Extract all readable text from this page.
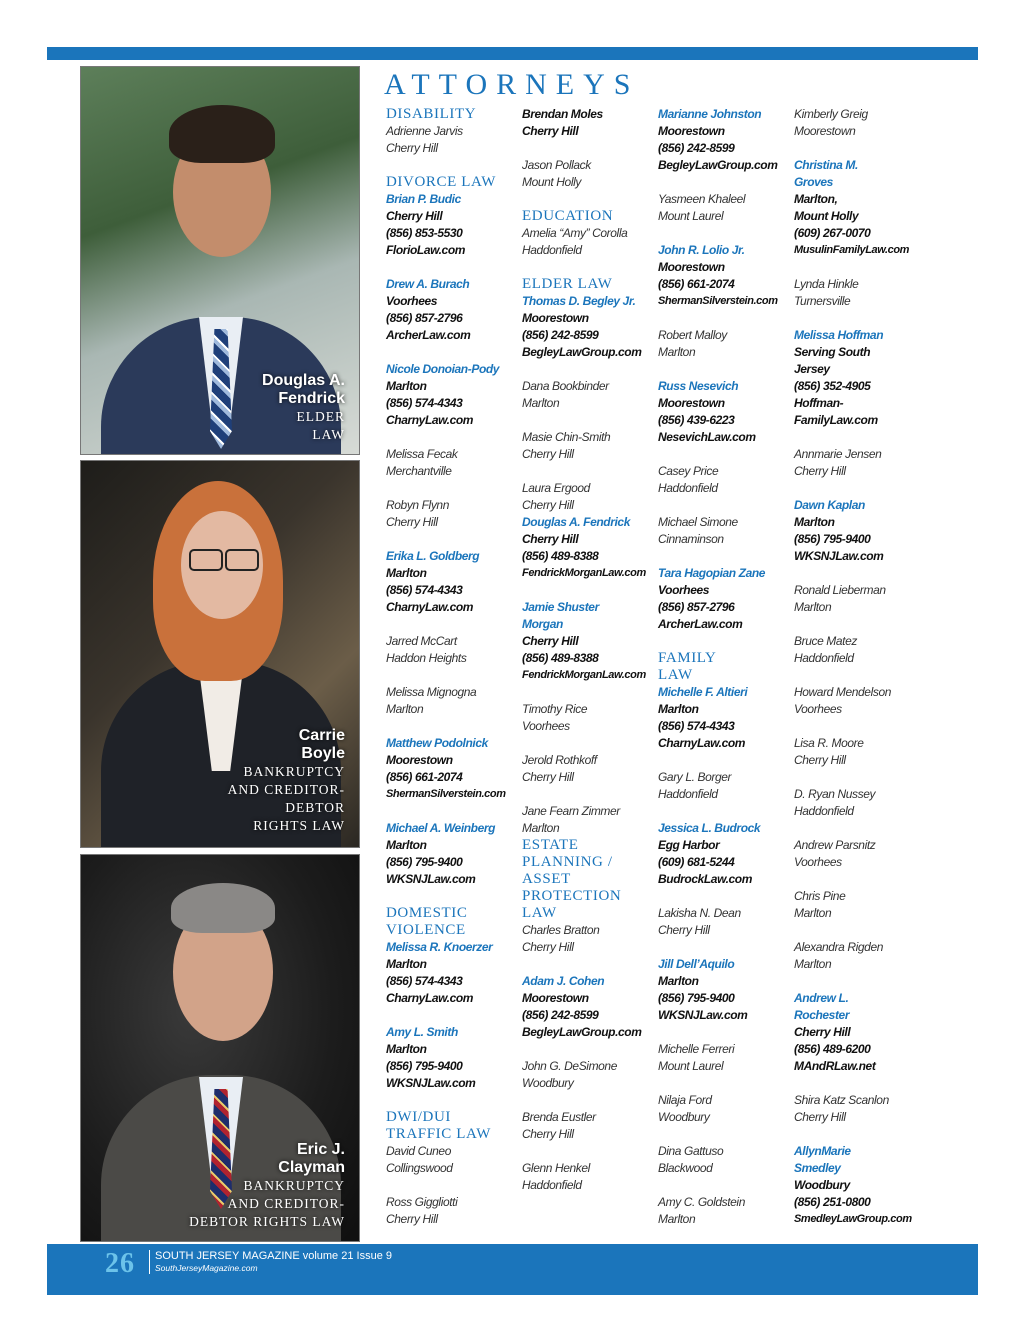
Douglas A.
Fendrick
ELDER
LAW
Carrie
Boyle
BANKRUPTCY
AND CREDITOR-
DEBTOR
RIGHTS LAW
Eric J.
Clayman
BANKRUPTCY
AND CREDITOR-
DEBTOR RIGHTS LAW
ATTORNEYS
DISABILITY
Adrienne Jarvis
Cherry Hill
DIVORCE LAW
Brian P. Budic
Cherry Hill
(856) 853-5530
FlorioLaw.com
Drew A. Burach
Voorhees
(856) 857-2796
ArcherLaw.com
Nicole Donoian-Pody
Marlton
(856) 574-4343
CharnyLaw.com
Melissa Fecak
Merchantville
Robyn Flynn
Cherry Hill
Erika L. Goldberg
Marlton
(856) 574-4343
CharnyLaw.com
Jarred McCart
Haddon Heights
Melissa Mignogna
Marlton
Matthew Podolnick
Moorestown
(856) 661-2074
ShermanSilverstein.com
Michael A. Weinberg
Marlton
(856) 795-9400
WKSNJLaw.com
DOMESTIC
VIOLENCE
Melissa R. Knoerzer
Marlton
(856) 574-4343
CharnyLaw.com
Amy L. Smith
Marlton
(856) 795-9400
WKSNJLaw.com
DWI/DUI
TRAFFIC LAW
David Cuneo
Collingswood
Ross Giggliotti
Cherry Hill
Brendan Moles
Cherry Hill
Jason Pollack
Mount Holly
EDUCATION
Amelia “Amy” Corolla
Haddonfield
ELDER LAW
Thomas D. Begley Jr.
Moorestown
(856) 242-8599
BegleyLawGroup.com
Dana Bookbinder
Marlton
Masie Chin-Smith
Cherry Hill
Laura Ergood
Cherry Hill
Douglas A. Fendrick
Cherry Hill
(856) 489-8388
FendrickMorganLaw.com
Jamie Shuster
Morgan
Cherry Hill
(856) 489-8388
FendrickMorganLaw.com
Timothy Rice
Voorhees
Jerold Rothkoff
Cherry Hill
Jane Fearn Zimmer
Marlton
ESTATE
PLANNING /
ASSET
PROTECTION
LAW
Charles Bratton
Cherry Hill
Adam J. Cohen
Moorestown
(856) 242-8599
BegleyLawGroup.com
John G. DeSimone
Woodbury
Brenda Eustler
Cherry Hill
Glenn Henkel
Haddonfield
Marianne Johnston
Moorestown
(856) 242-8599
BegleyLawGroup.com
Yasmeen Khaleel
Mount Laurel
John R. Lolio Jr.
Moorestown
(856) 661-2074
ShermanSilverstein.com
Robert Malloy
Marlton
Russ Nesevich
Moorestown
(856) 439-6223
NesevichLaw.com
Casey Price
Haddonfield
Michael Simone
Cinnaminson
Tara Hagopian Zane
Voorhees
(856) 857-2796
ArcherLaw.com
FAMILY
LAW
Michelle F. Altieri
Marlton
(856) 574-4343
CharnyLaw.com
Gary L. Borger
Haddonfield
Jessica L. Budrock
Egg Harbor
(609) 681-5244
BudrockLaw.com
Lakisha N. Dean
Cherry Hill
Jill Dell’Aquilo
Marlton
(856) 795-9400
WKSNJLaw.com
Michelle Ferreri
Mount Laurel
Nilaja Ford
Woodbury
Dina Gattuso
Blackwood
Amy C. Goldstein
Marlton
Kimberly Greig
Moorestown
Christina M.
Groves
Marlton,
Mount Holly
(609) 267-0070
MusulinFamilyLaw.com
Lynda Hinkle
Turnersville
Melissa Hoffman
Serving South
Jersey
(856) 352-4905
Hoffman-
FamilyLaw.com
Annmarie Jensen
Cherry Hill
Dawn Kaplan
Marlton
(856) 795-9400
WKSNJLaw.com
Ronald Lieberman
Marlton
Bruce Matez
Haddonfield
Howard Mendelson
Voorhees
Lisa R. Moore
Cherry Hill
D. Ryan Nussey
Haddonfield
Andrew Parsnitz
Voorhees
Chris Pine
Marlton
Alexandra Rigden
Marlton
Andrew L.
Rochester
Cherry Hill
(856) 489-6200
MAndRLaw.net
Shira Katz Scanlon
Cherry Hill
AllynMarie
Smedley
Woodbury
(856) 251-0800
SmedleyLawGroup.com
26 SOUTH JERSEY MAGAZINE volume 21 Issue 9
SouthJerseyMagazine.com
